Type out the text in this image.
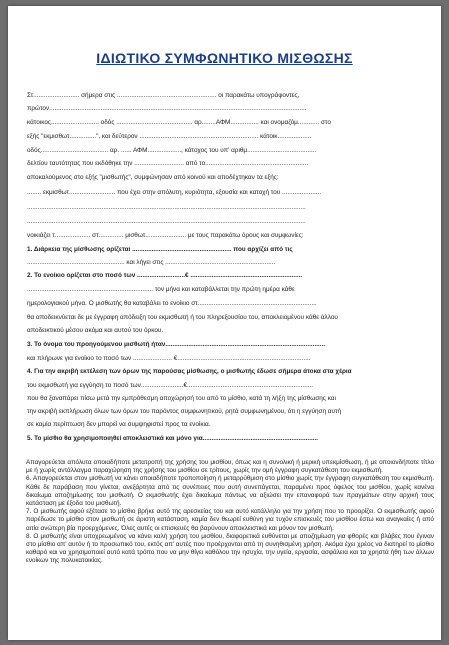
ΙΔΙΩΤΙΚΟ ΣΥΜΦΩΝΗΤΙΚΟ ΜΙΣΘΩΣΗΣ
Στ.......................... σήμερα στις ........................................................ οι παρακάτω υπογράφοντες,
πρώτον.................................................................................................................................................
κάτοικος........................... οδός ........................................... αρ........ΑΦΜ................ και ονομαζόμ............ στο
εξής "εκμισθωτ...............", και δεύτερον ................................................................... κάτοικ...................
οδός...................................... αρ. ...... ΑΦΜ..................., κάτοχος του υπ' αριθμ.......................................
δελτίου ταυτότητας που εκδόθηκε την ............................ από το..........................................................
αποκαλούμενος στο εξής "μισθωτής", συμφώνησαν από κοινού και αποδέχτηκαν τα εξής:
........ εκμισθωτ.......................... που έχει στην απόλυτη, κυριότητα, εξουσία και κατοχή του ......................
.............................................................................................................................................................
.............................................................................................................................................................
νοικιάζει τ.................... στ.............. μισθωτ....................... με τους παρακάτω όρους και συμφωνίες:
1. Διάρκεια της μίσθωσης ορίζεται ........................................................ που αρχίζει από τις
....................................................... και λήγει στις ..............................................................
2. Το ενοίκιο ορίζεται στο ποσό των ...........................€ ...............................................................
....................................................................... τον μήνα και καταβάλλεται την πρώτη ημέρα κάθε
ημερολογιακού μήνα. Ο μισθωτής θα καταβάλει το ενοίκιο στ...................................................................
θα αποδεικνύεται δε με έγγραφη απόδειξη του εκμισθωτή ή του πληρεξουσίου του, αποκλειομένου κάθε άλλου
αποδεικτικού μέσου ακόμα και αυτού του όρκου.
3. Το όνομα του προηγούμενου μισθωτή ήταν..........................................................................................
και πλήρωνε για ενοίκιο το ποσό των ...................... €...........................................................................
4. Για την ακριβή εκτέλεση των όρων της παρούσας μίσθωσης, ο μισθωτής έδωσε σήμερα άτοκα στα χέρια
του εκμισθωτή για εγγύηση το ποσό των........................€.......................................................................
που θα ξαναπάρει πίσω μετά την εμπρόθεσμη αποχώρησή του από το μίσθιο, κατά τη λήξη της μίσθωσης και
την ακριβή εκπλήρωση όλων των όρων του παρόντος συμφωνητικού, ρητά συμφωνημένου, ότι η εγγύηση αυτή
σε καμία περίπτωση δεν μπορεί να συμψηφιστεί προς τα ενοίκια.
5. Το μίσθιο θα χρησιμοποιηθεί αποκλειστικά και μόνο για.................................................................

Απαγορεύεται απόλυτα οποιαδήποτε μετατροπή της χρήσης του μισθίου, όπως και η συνολική ή μερική υπεκμίσθωση, ή με οποιονδήποτε τίτλο με ή χωρίς αντάλλαγμα παραχώρηση της χρήσης του μισθίου σε τρίτους, χωρίς την ομή έγγραφη συγκατάθεση του εκμισθωτή.

6. Απαγορεύεται στον μισθωτή να κάνει οποιαδήποτε τροποποίηση ή μεταρρύθμιση στο μίσθιο χωρίς την έγγραφη συγκατάθεση του εκμισθωτή. Κάθε δε παράβαση που γίνεται, ανεξάρτητα από τις συνέπειες που αυτή συνεπάγεται, παραμένει προς όφελος του μισθίου, χωρίς κανένα δικαίωμα αποζημίωσης του μισθωτή. Ο εκμισθωτής έχει δικαίωμα πάντως να αξιώσει την επαναφορά των πραγμάτων στην αρχική τους κατάσταση με έξοδα του μισθωτή.

7. Ο μισθωτής αφού εξέτασε το μίσθιο βρήκε αυτό της αρεσκείας του και αυτό κατάλληλο για την χρήση που το προορίζει. Ο εκμισθωτής αφού παρέδωσε το μίσθιο στον μισθωτή σε άριστη κατάσταση, καμία δεν θεωρεί ευθύνη για τυχόν επισκευές του μισθίου έστω και αναγκαίες ή από αιτία ανώτερη βία προερχόμενες. Όλες αυτές οι επισκευές θα βαρύνουν αποκλειστικά και μόνον τον μισθωτή.

8. Ο μισθωτής είναι υποχρεωμένος να κάνει καλή χρήση του μισθίου, διαφορετικά ευθύνεται με αποζημίωση για φθορές και βλάβες που έγιναν στο μίσθιο απ' αυτόν ή το προσωπικό του, εκτός απ' αυτές που προέρχονται από τη συνηθισμένη χρήση. Ακόμα έχει χρέος να διατηρεί το μίσθιο καθαρό και να χρησιμοποιεί αυτό κατά τρόπο που να μην θίγει καθόλου την ησυχία, την υγεία, εργασία, ασφάλεια και τα χρηστά ήθη των άλλων ενοίκων της πολυκατοικίας.
